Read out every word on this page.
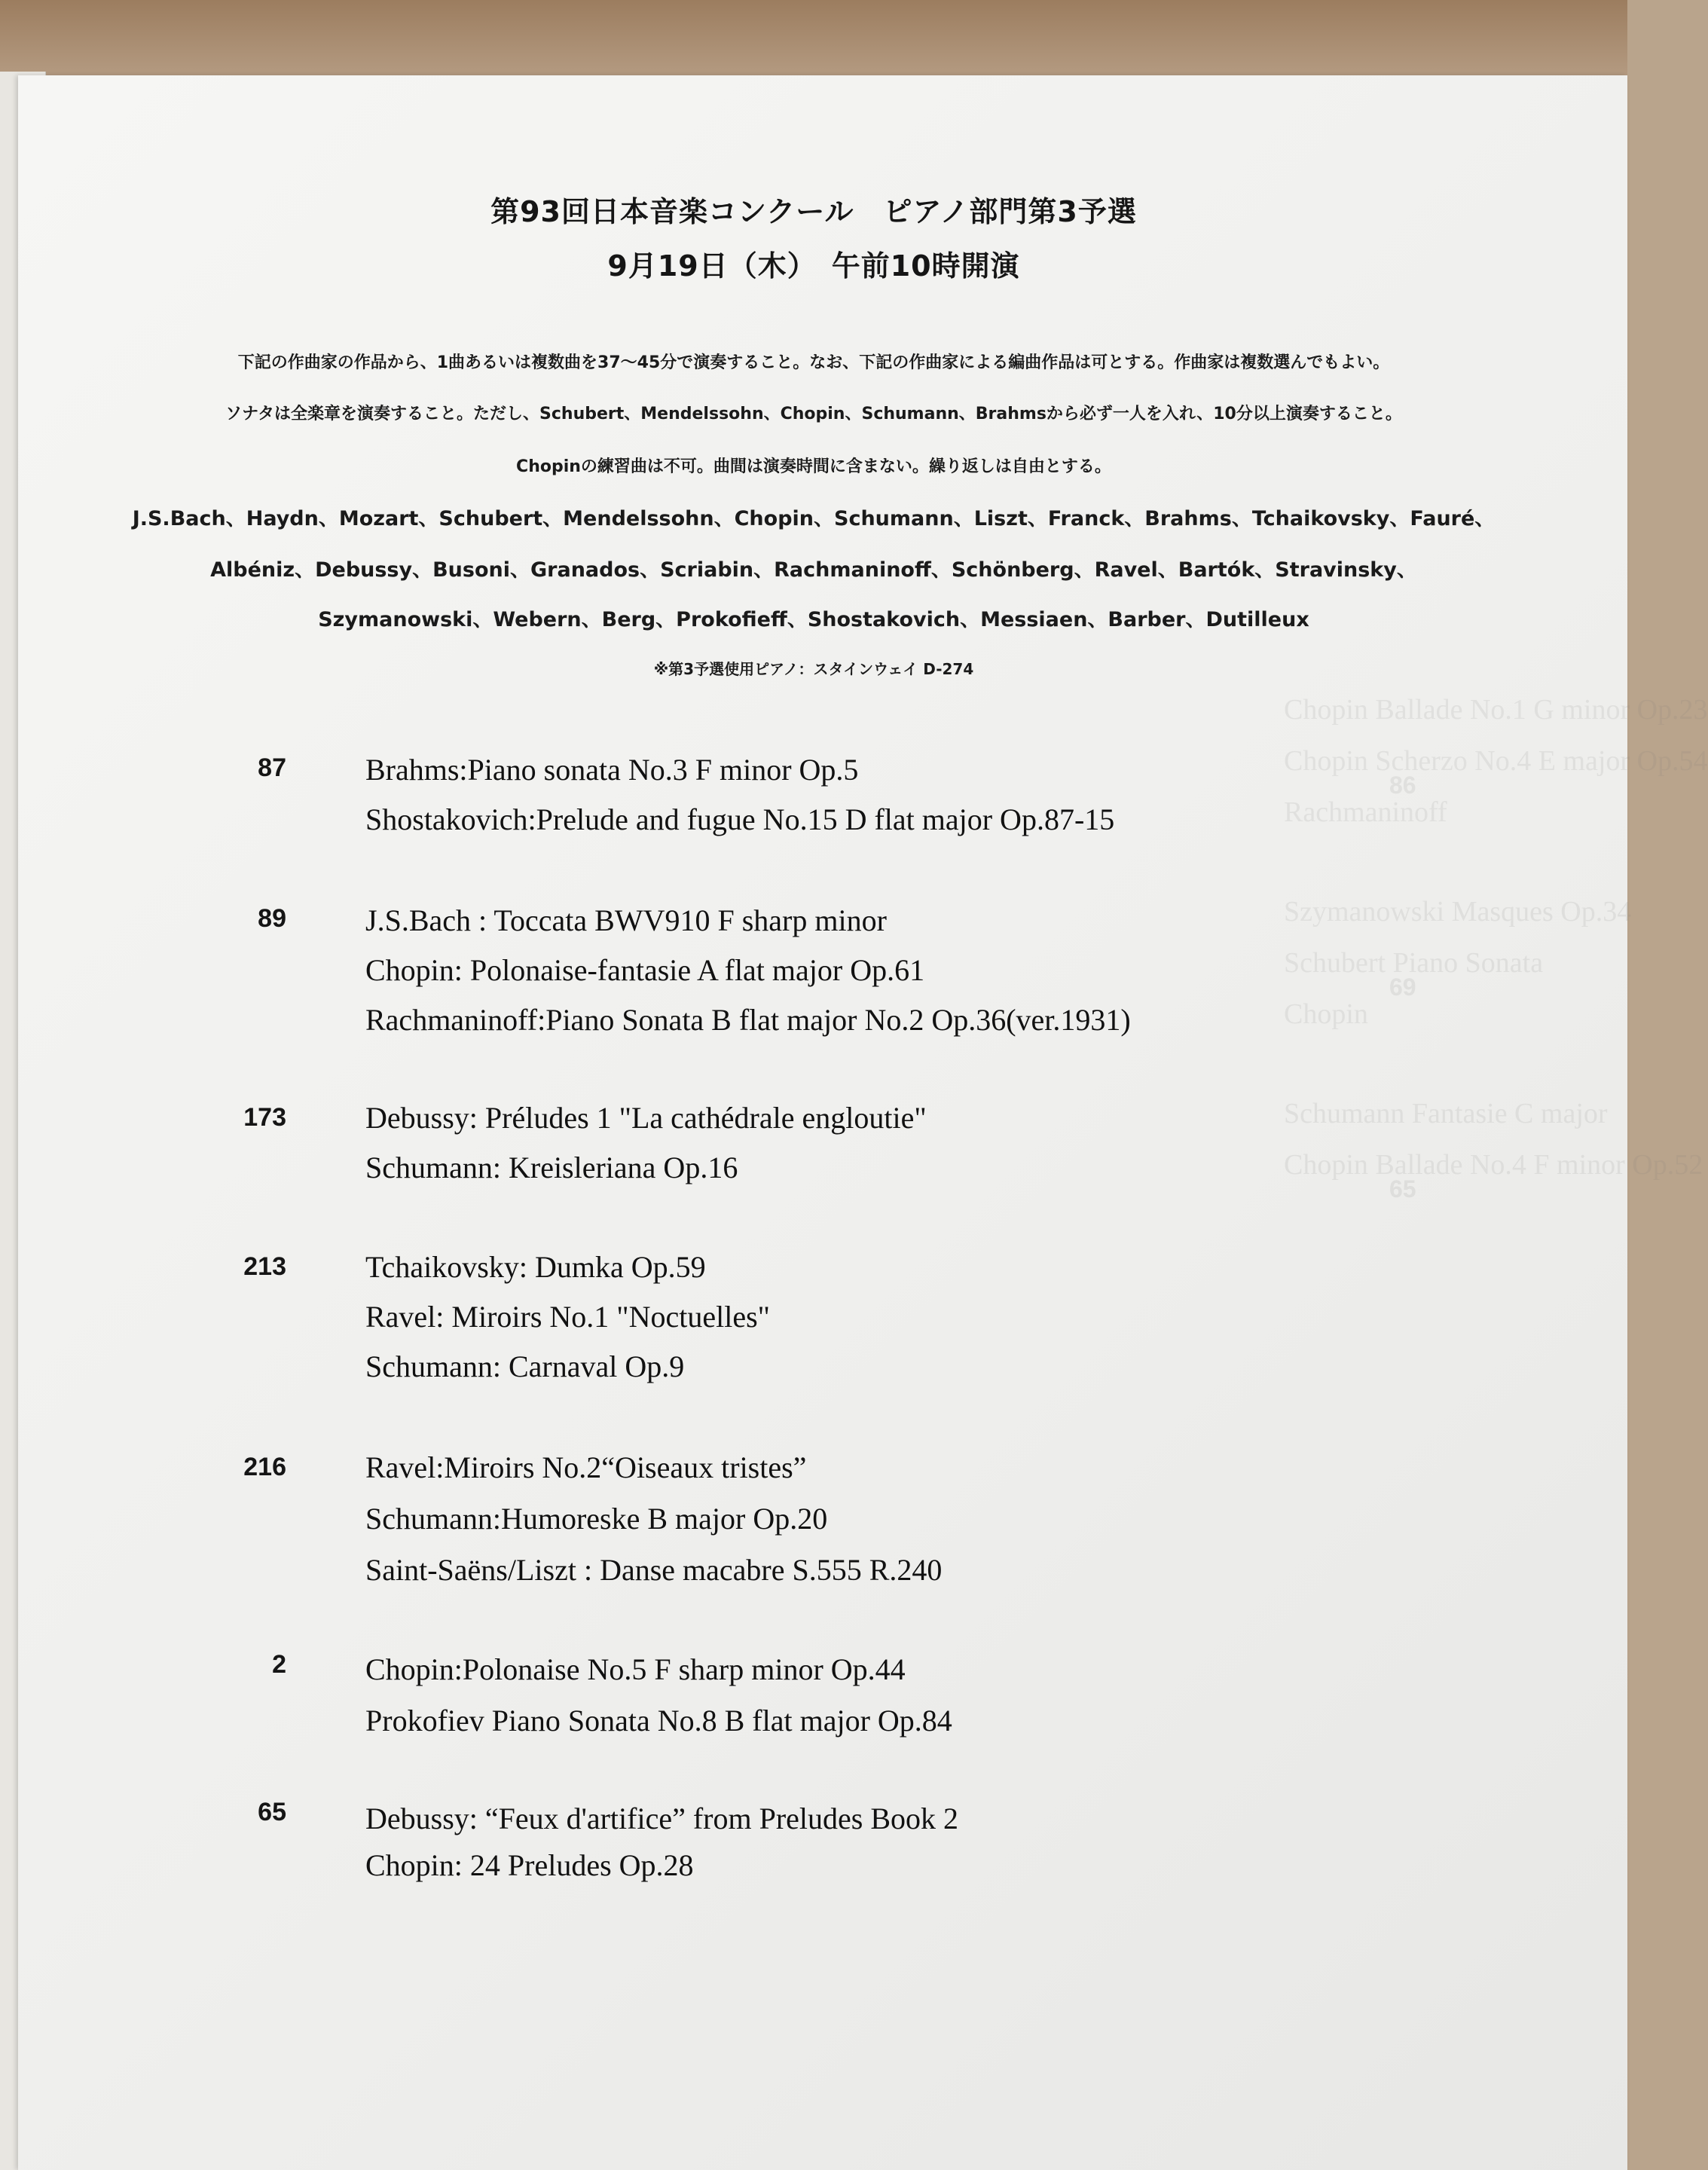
Chopin Ballade No.1 G minor Op.23
Chopin Scherzo No.4 E major Op.54
Rachmaninoff
Szymanowski Masques Op.34
Schubert Piano Sonata
Chopin
Schumann Fantasie C major
Chopin Ballade No.4 F minor Op.52
86
69
65
第93回日本音楽コンクール　ピアノ部門第3予選
9月19日（木）　午前10時開演
下記の作曲家の作品から、1曲あるいは複数曲を37～45分で演奏すること。なお、下記の作曲家による編曲作品は可とする。作曲家は複数選んでもよい。
ソナタは全楽章を演奏すること。ただし、Schubert、Mendelssohn、Chopin、Schumann、Brahmsから必ず一人を入れ、10分以上演奏すること。
Chopinの練習曲は不可。曲間は演奏時間に含まない。繰り返しは自由とする。
J.S.Bach、Haydn、Mozart、Schubert、Mendelssohn、Chopin、Schumann、Liszt、Franck、Brahms、Tchaikovsky、Fauré、
Albéniz、Debussy、Busoni、Granados、Scriabin、Rachmaninoff、Schönberg、Ravel、Bartók、Stravinsky、
Szymanowski、Webern、Berg、Prokofieff、Shostakovich、Messiaen、Barber、Dutilleux
※第3予選使用ピアノ：スタインウェイ D-274
87	Brahms:Piano sonata No.3 F minor Op.5
Shostakovich:Prelude and fugue No.15 D flat major Op.87-15
89	J.S.Bach : Toccata BWV910 F sharp minor
Chopin: Polonaise-fantasie A flat major Op.61
Rachmaninoff:Piano Sonata B flat major No.2 Op.36(ver.1931)
173	Debussy: Préludes 1 "La cathédrale engloutie"
Schumann: Kreisleriana Op.16
213	Tchaikovsky: Dumka Op.59
Ravel: Miroirs No.1 "Noctuelles"
Schumann: Carnaval Op.9
216	Ravel:Miroirs No.2“Oiseaux tristes”
Schumann:Humoreske B major Op.20
Saint-Saëns/Liszt : Danse macabre S.555 R.240
2	Chopin:Polonaise No.5 F sharp minor Op.44
Prokofiev Piano Sonata No.8 B flat major Op.84
65	Debussy: “Feux d'artifice” from Preludes Book 2
Chopin: 24 Preludes Op.28
